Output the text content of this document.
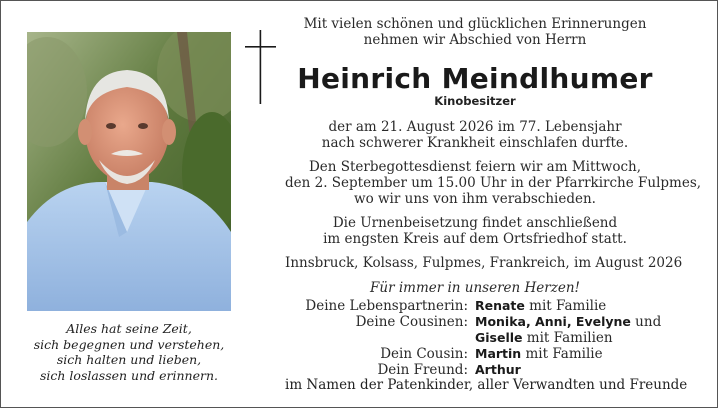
Alles hat seine Zeit,
sich begegnen und verstehen,
sich halten und lieben,
sich loslassen und erinnern.
Mit vielen schönen und glücklichen Erinnerungen
nehmen wir Abschied von Herrn
Heinrich Meindlhumer
Kinobesitzer
der am 21. August 2026 im 77. Lebensjahr
nach schwerer Krankheit einschlafen durfte.
Den Sterbegottesdienst feiern wir am Mittwoch,
den 2. September um 15.00 Uhr in der Pfarrkirche Fulpmes,
wo wir uns von ihm verabschieden.
Die Urnenbeisetzung findet anschließend
im engsten Kreis auf dem Ortsfriedhof statt.
Innsbruck, Kolsass, Fulpmes, Frankreich, im August 2026
Für immer in unseren Herzen!
Deine Lebenspartnerin: Renate mit Familie
Deine Cousinen: Monika, Anni, Evelyne und
Giselle mit Familien
Dein Cousin: Martin mit Familie
Dein Freund: Arthur
im Namen der Patenkinder, aller Verwandten und Freunde
